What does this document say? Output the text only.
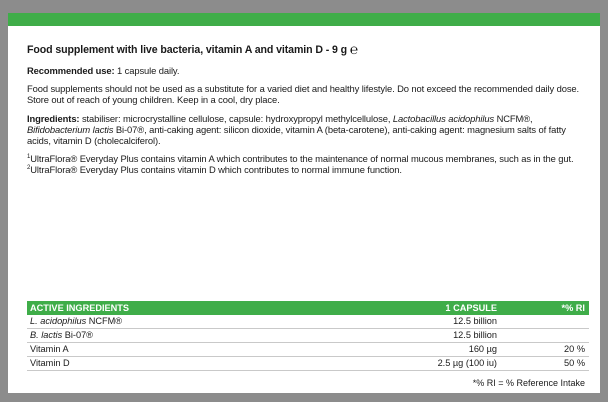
Food supplement with live bacteria, vitamin A and vitamin D - 9 g ℮

Recommended use: 1 capsule daily.

Food supplements should not be used as a substitute for a varied diet and healthy lifestyle. Do not exceed the recommended daily dose. Store out of reach of young children. Keep in a cool, dry place.

Ingredients: stabiliser: microcrystalline cellulose, capsule: hydroxypropyl methylcellulose, Lactobacillus acidophilus NCFM®, Bifidobacterium lactis Bi-07®, anti-caking agent: silicon dioxide, vitamin A (beta-carotene), anti-caking agent: magnesium salts of fatty acids, vitamin D (cholecalciferol).

$^1$UltraFlora® Everyday Plus contains vitamin A which contributes to the maintenance of normal mucous membranes, such as in the gut.

$^2$UltraFlora® Everyday Plus contains vitamin D which contributes to normal immune function.

ACTIVE INGREDIENTS	1 CAPSULE	*% RI
L. acidophilus NCFM®	12.5 billion
B. lactis Bi-07®	12.5 billion
Vitamin A	160 µg	20 %
Vitamin D	2.5 µg (100 iu)	50 %
*% RI = % Reference Intake
